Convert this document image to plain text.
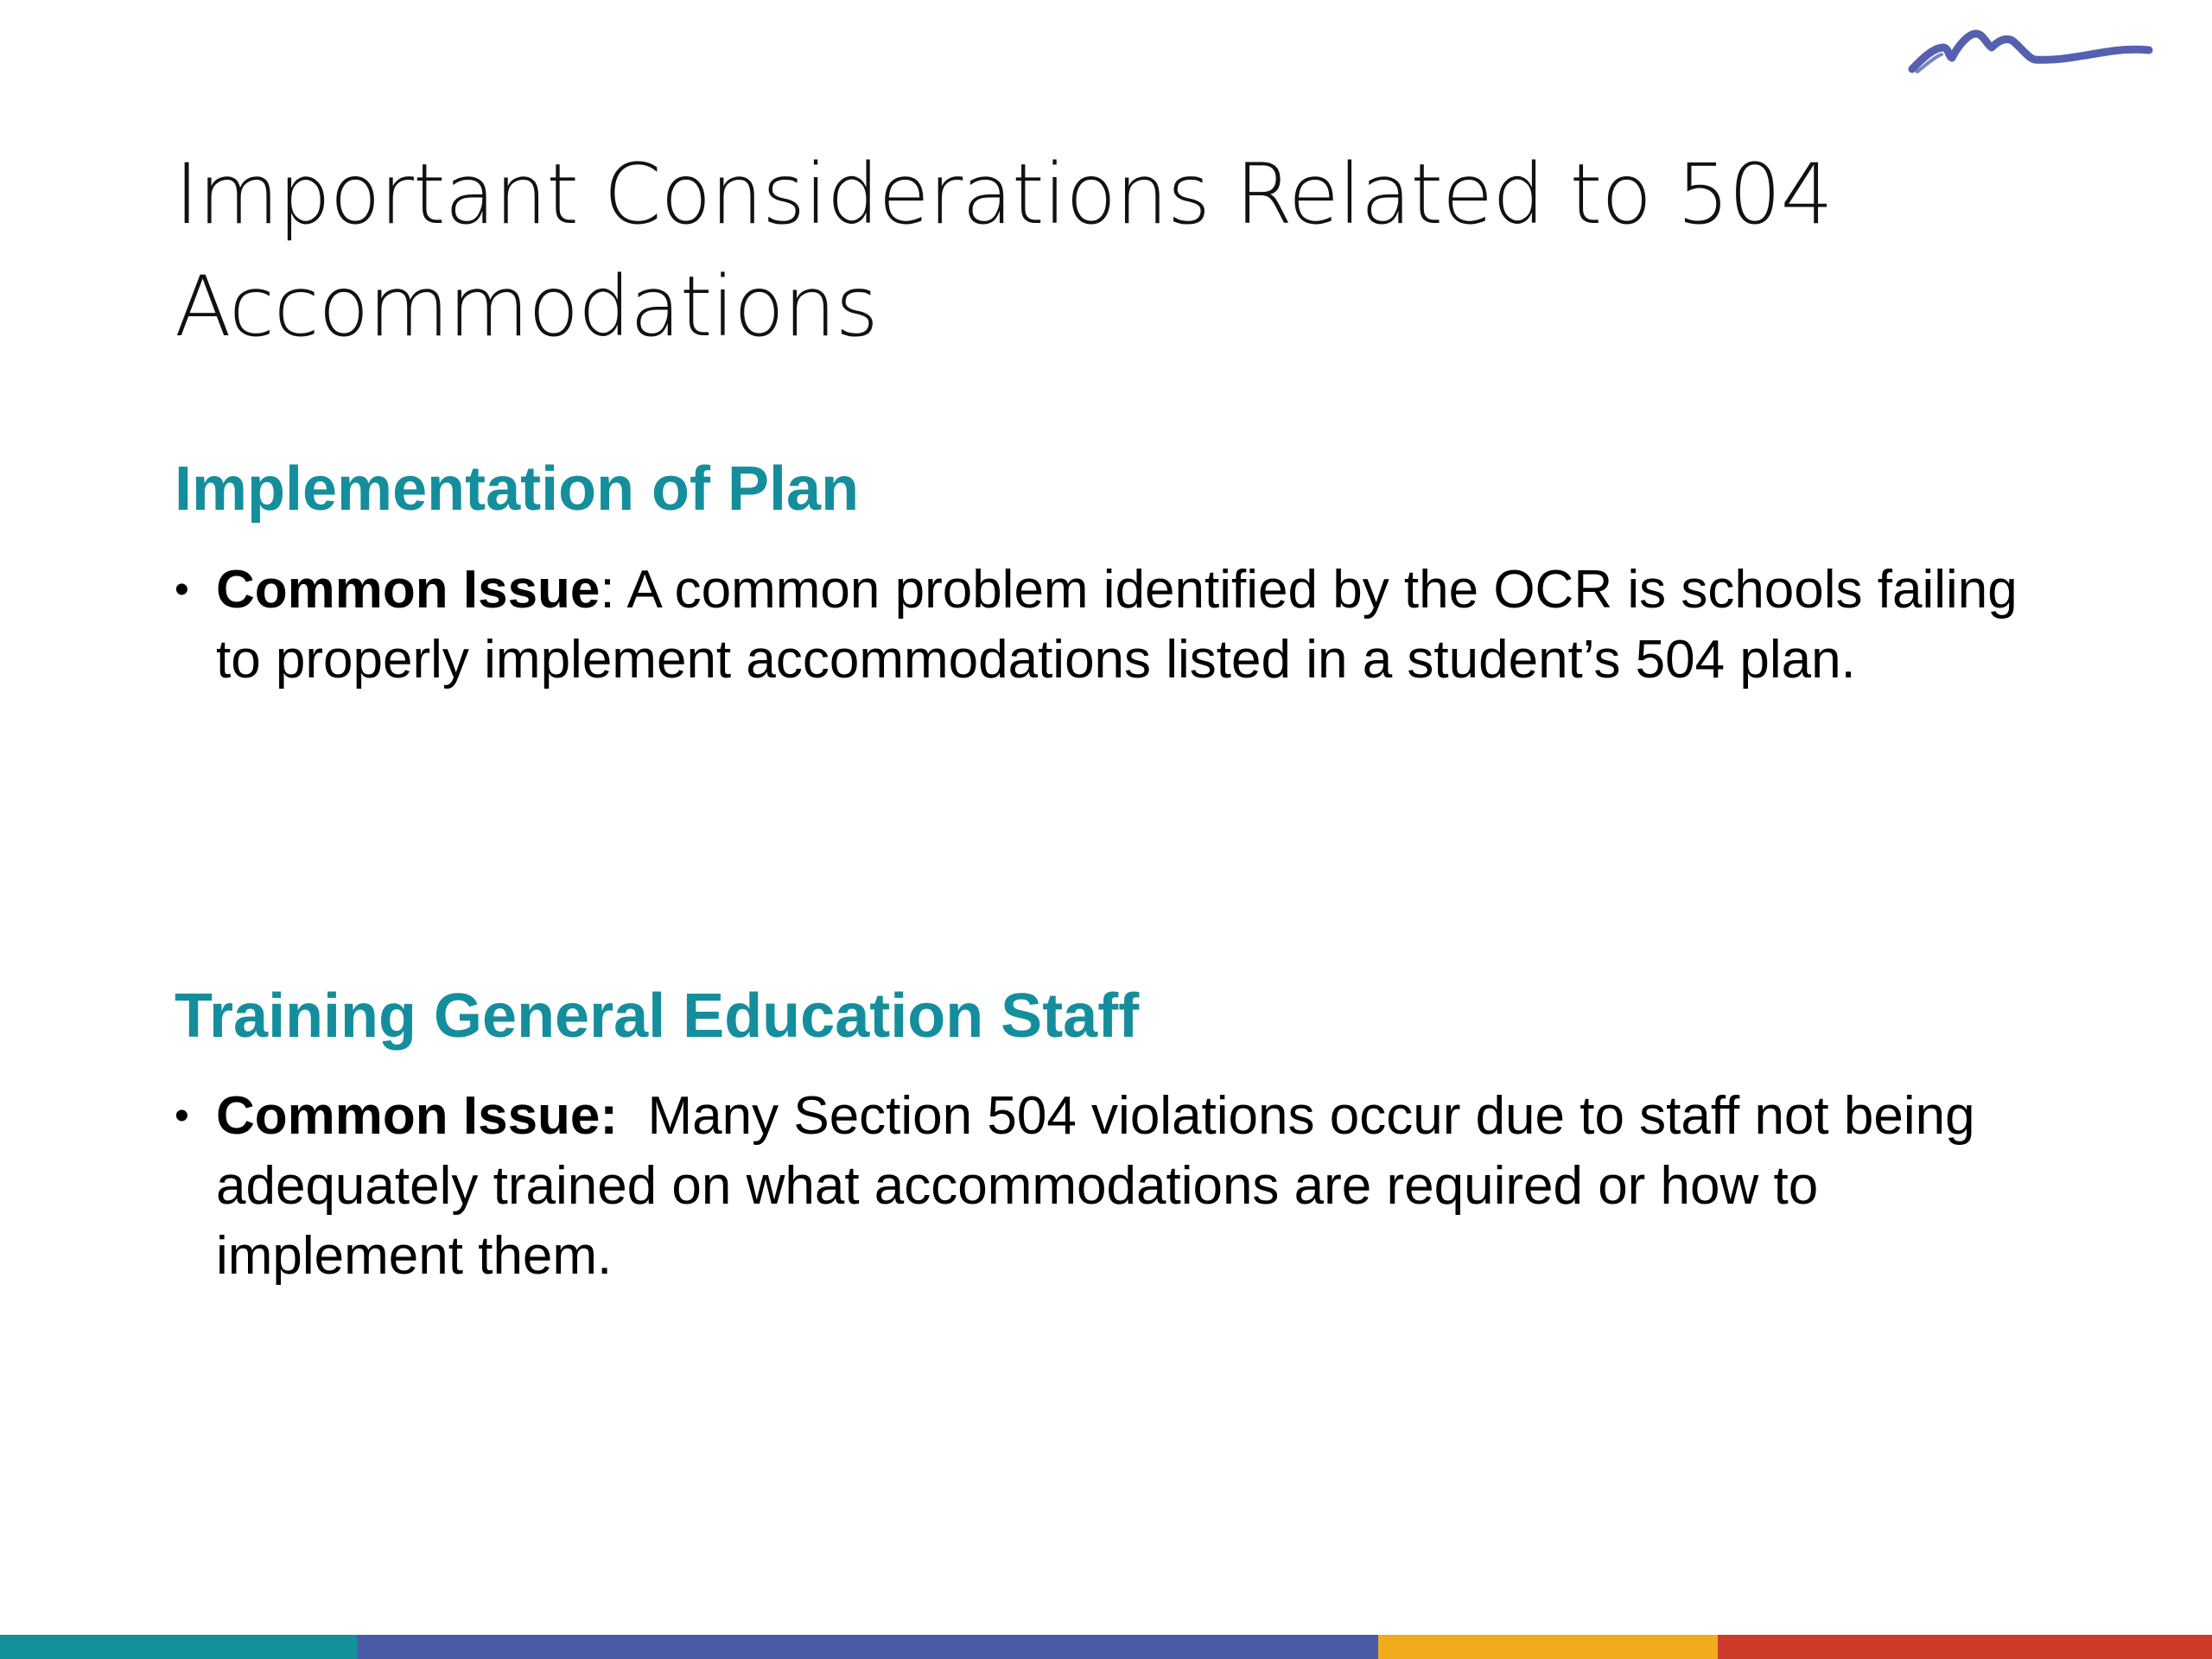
Important Considerations Related to 504 Accommodations
Implementation of Plan
• Common Issue: A common problem identified by the OCR is schools failing to properly implement accommodations listed in a student’s 504 plan.
Training General Education Staff
• Common Issue:  Many Section 504 violations occur due to staff not being adequately trained on what accommodations are required or how to implement them.
